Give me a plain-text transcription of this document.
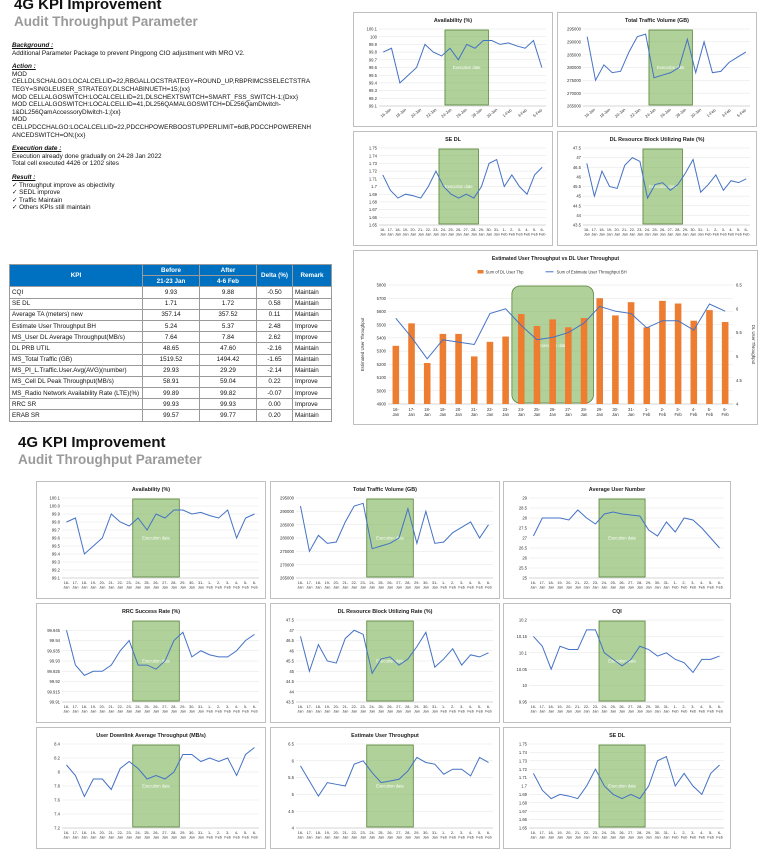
4G KPI Improvement
Audit Throughput Parameter
Background :
Additional Parameter Package to prevent Pingpong CIO adjustment with MRO V2.
Action :
MOD
CELLDLSCHALGO:LOCALCELLID=22,RBGALLOCSTRATEGY=ROUND_UP,RBPRIMCSSELECTSTRA
TEGY=SINGLEUSER_STRATEGY,DLSCHABINUETH=15;{xx}
MOD CELLALGOSWITCH:LOCALCELLID=21,DLSCHEXTSWITCH=SMART_FSS_SWITCH-1;{Dxx}
MOD CELLALGOSWITCH:LOCALCELLID=41,DL256QAMALGOSWITCH=DL256QamDlwitch-
1&DL256QamAccessoryDlwitch-1;{xx}
MOD
CELLPDCCHALGO:LOCALCELLID=22,PDCCHPOWERBOOSTUPPERLIMIT=6dB,PDCCHPOWERENH
ANCEDSWITCH=ON;{xx}
Execution date :
Execution already done gradually on 24-28 Jan 2022
Total cell executed 4426 or 1202 sites
Result :
✓ Throughput improve as objectivity
✓ SEDL improve
✓ Traffic Maintain
✓ Others KPIs still maintain
KPI	Before	After	Delta (%)	Remark
	21-23 Jan	4-6 Feb		
CQI	9.93	9.88	-0.50	Maintain
SE DL	1.71	1.72	0.58	Maintain
Average TA (meters) new	357.14	357.52	0.11	Maintain
Estimate User Throughput BH	5.24	5.37	2.48	Improve
MS_User DL Average Throughput(MB/s)	7.64	7.84	2.62	Improve
DL PRB UTIL	48.65	47.60	-2.16	Maintain
MS_Total Traffic (GB)	1519.52	1494.42	-1.65	Maintain
MS_PI_L.Traffic.User.Avg(AVG)(number)	29.93	29.29	-2.14	Maintain
MS_Cell DL Peak Throughput(MB/s)	58.91	59.04	0.22	Improve
MS_Radio Network Availability Rate (LTE)(%)	99.89	99.82	-0.07	Improve
RRC SR	99.93	99.93	0.00	Improve
ERAB SR	99.57	99.77	0.20	Maintain
Availability (%)
100.1
100
99.9
99.8
99.7
99.6
99.5
99.4
99.3
99.2
99.1
Execution date
16-Jan 18-Jan 20-Jan 22-Jan 24-Jan 26-Jan 28-Jan 30-Jan 1-Feb 3-Feb 5-Feb
Total Traffic Volume (GB)
295000
290000
285000
280000
275000
270000
265000
Execution date
16-Jan 18-Jan 20-Jan 22-Jan 24-Jan 26-Jan 28-Jan 30-Jan 1-Feb 3-Feb 5-Feb
SE DL
1.75
1.74
1.73
1.72
1.71
1.7
1.69
1.68
1.67
1.66
1.65
Execution date
16-
Jan
17-
Jan
18-
Jan
19-
Jan
20-
Jan
21-
Jan
22-
Jan
23-
Jan
24-
Jan
25-
Jan
26-
Jan
27-
Jan
28-
Jan
29-
Jan
30-
Jan
31-
Jan
1-
Feb
2-
Feb
3-
Feb
4-
Feb
5-
Feb
6-
Feb
DL Resource Block Utilizing Rate (%)
47.5
47
46.5
46
45.5
45
44.5
44
43.5
Execution date
16-
Jan
17-
Jan
18-
Jan
19-
Jan
20-
Jan
21-
Jan
22-
Jan
23-
Jan
24-
Jan
25-
Jan
26-
Jan
27-
Jan
28-
Jan
29-
Jan
30-
Jan
31-
Jan
1-
Feb
2-
Feb
3-
Feb
4-
Feb
5-
Feb
6-
Feb
Estimated User Throughput vs DL User Throughput
5800
5700
5600
5500
5400
5300
5200
5100
5000
4900
6.5
6
5.5
5
4.5
4
Estimated User Throughput	DL User Throughput
Sum of DL User Thp	Sum of Estimate User Throughput BH
Execution date
16-
Jan
17-
Jan
18-
Jan
19-
Jan
20-
Jan
21-
Jan
22-
Jan
23-
Jan
24-
Jan
25-
Jan
26-
Jan
27-
Jan
28-
Jan
29-
Jan
30-
Jan
31-
Jan
1-
Feb
2-
Feb
3-
Feb
4-
Feb
5-
Feb
6-
Feb
4G KPI Improvement
Audit Throughput Parameter
Availability (%)
100.1
100.0
99.9
99.8
99.7
99.6
99.5
99.4
99.3
99.2
99.1
Execution date
16-
Jan
17-
Jan
18-
Jan
19-
Jan
20-
Jan
21-
Jan
22-
Jan
23-
Jan
24-
Jan
25-
Jan
26-
Jan
27-
Jan
28-
Jan
29-
Jan
30-
Jan
31-
Jan
1-
Feb
2-
Feb
3-
Feb
4-
Feb
5-
Feb
6-
Feb
Total Traffic Volume (GB)
295000
290000
285000
280000
275000
270000
265000
Execution date
16-
Jan
17-
Jan
18-
Jan
19-
Jan
20-
Jan
21-
Jan
22-
Jan
23-
Jan
24-
Jan
25-
Jan
26-
Jan
27-
Jan
28-
Jan
29-
Jan
30-
Jan
31-
Jan
1-
Feb
2-
Feb
3-
Feb
4-
Feb
5-
Feb
6-
Feb
Average User Number
29
28.5
28
27.5
27
26.5
26
25.5
25
Execution date
16-
Jan
17-
Jan
18-
Jan
19-
Jan
20-
Jan
21-
Jan
22-
Jan
23-
Jan
24-
Jan
25-
Jan
26-
Jan
27-
Jan
28-
Jan
29-
Jan
30-
Jan
31-
Jan
1-
Feb
2-
Feb
3-
Feb
4-
Feb
5-
Feb
6-
Feb
RRC Success Rate (%)
99.945
99.94
99.935
99.93
99.925
99.92
99.915
99.91
Execution date
16-
Jan
17-
Jan
18-
Jan
19-
Jan
20-
Jan
21-
Jan
22-
Jan
23-
Jan
24-
Jan
25-
Jan
26-
Jan
27-
Jan
28-
Jan
29-
Jan
30-
Jan
31-
Jan
1-
Feb
2-
Feb
3-
Feb
4-
Feb
5-
Feb
6-
Feb
DL Resource Block Utilizing Rate (%)
47.5
47
46.5
46
45.5
45
44.5
44
43.5
Execution date
16-
Jan
17-
Jan
18-
Jan
19-
Jan
20-
Jan
21-
Jan
22-
Jan
23-
Jan
24-
Jan
25-
Jan
26-
Jan
27-
Jan
28-
Jan
29-
Jan
30-
Jan
31-
Jan
1-
Feb
2-
Feb
3-
Feb
4-
Feb
5-
Feb
6-
Feb
CQI
10.2
10.15
10.1
10.05
10
9.95
Execution date
16-
Jan
17-
Jan
18-
Jan
19-
Jan
20-
Jan
21-
Jan
22-
Jan
23-
Jan
24-
Jan
25-
Jan
26-
Jan
27-
Jan
28-
Jan
29-
Jan
30-
Jan
31-
Jan
1-
Feb
2-
Feb
3-
Feb
4-
Feb
5-
Feb
6-
Feb
User Downlink Average Throughput (MB/s)
8.4
8.2
8
7.8
7.6
7.4
7.2
Execution date
16-
Jan
17-
Jan
18-
Jan
19-
Jan
20-
Jan
21-
Jan
22-
Jan
23-
Jan
24-
Jan
25-
Jan
26-
Jan
27-
Jan
28-
Jan
29-
Jan
30-
Jan
31-
Jan
1-
Feb
2-
Feb
3-
Feb
4-
Feb
5-
Feb
6-
Feb
Estimate User Throughput
6.5
6
5.5
5
4.5
4
Execution date
16-
Jan
17-
Jan
18-
Jan
19-
Jan
20-
Jan
21-
Jan
22-
Jan
23-
Jan
24-
Jan
25-
Jan
26-
Jan
27-
Jan
28-
Jan
29-
Jan
30-
Jan
31-
Jan
1-
Feb
2-
Feb
3-
Feb
4-
Feb
5-
Feb
6-
Feb
SE DL
1.75
1.74
1.73
1.72
1.71
1.7
1.69
1.68
1.67
1.66
1.65
Execution date
16-
Jan
17-
Jan
18-
Jan
19-
Jan
20-
Jan
21-
Jan
22-
Jan
23-
Jan
24-
Jan
25-
Jan
26-
Jan
27-
Jan
28-
Jan
29-
Jan
30-
Jan
31-
Jan
1-
Feb
2-
Feb
3-
Feb
4-
Feb
5-
Feb
6-
Feb
